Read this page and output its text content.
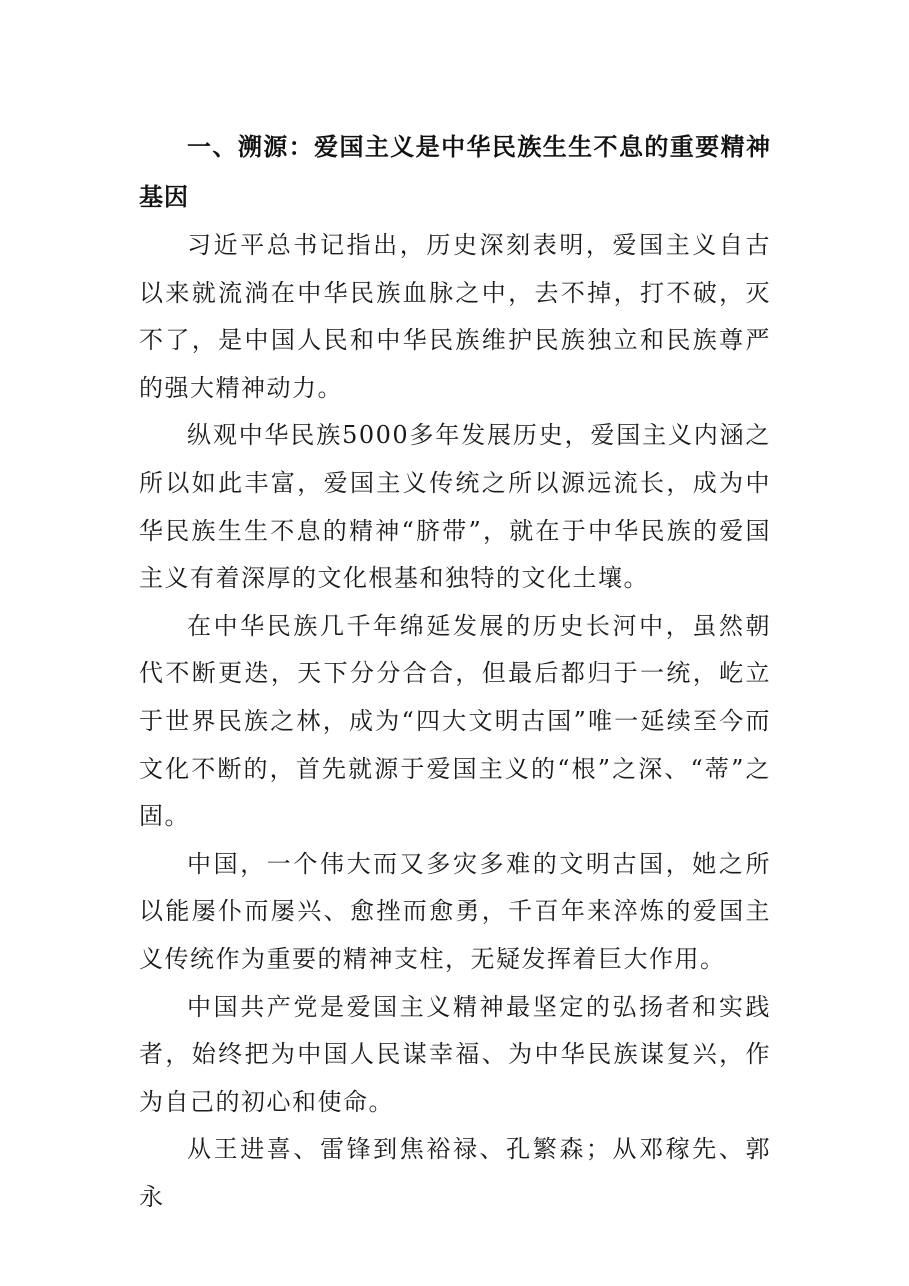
一、溯源：爱国主义是中华民族生生不息的重要精神基因

习近平总书记指出，历史深刻表明，爱国主义自古以来就流淌在中华民族血脉之中，去不掉，打不破，灭不了，是中国人民和中华民族维护民族独立和民族尊严的强大精神动力。

纵观中华民族5000多年发展历史，爱国主义内涵之所以如此丰富，爱国主义传统之所以源远流长，成为中华民族生生不息的精神“脐带”，就在于中华民族的爱国主义有着深厚的文化根基和独特的文化土壤。

在中华民族几千年绵延发展的历史长河中，虽然朝代不断更迭，天下分分合合，但最后都归于一统，屹立于世界民族之林，成为“四大文明古国”唯一延续至今而文化不断的，首先就源于爱国主义的“根”之深、“蒂”之固。

中国，一个伟大而又多灾多难的文明古国，她之所以能屡仆而屡兴、愈挫而愈勇，千百年来淬炼的爱国主义传统作为重要的精神支柱，无疑发挥着巨大作用。

中国共产党是爱国主义精神最坚定的弘扬者和实践者，始终把为中国人民谋幸福、为中华民族谋复兴，作为自己的初心和使命。

从王进喜、雷锋到焦裕禄、孔繁森；从邓稼先、郭永
